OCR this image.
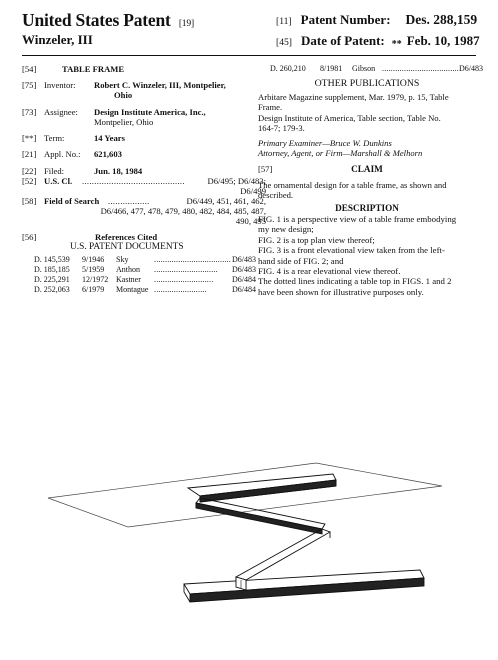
United States Patent [19]
Winzeler, III
[11] Patent Number: Des. 288,159
[45] Date of Patent: ** Feb. 10, 1987
[54]	TABLE FRAME
[75] Inventor: Robert C. Winzeler, III, Montpelier,
Ohio
[73] Assignee: Design Institute America, Inc.,
Montpelier, Ohio
[**] Term:	14 Years
[21] Appl. No.: 621,603
[22] Filed:	Jun. 18, 1984
[52] U.S. Cl. ..........................................	D6/495; D6/483;
D6/499
[58] Field of Search .................	D6/449, 451, 461, 462,
D6/466, 477, 478, 479, 480, 482, 484, 485, 487,
490, 495
[56]	References Cited
U.S. PATENT DOCUMENTS
D. 145,539	9/1946	Sky	...................................	D6/483
D. 185,185	5/1959	Anthon	.............................	D6/483
D. 225,291	12/1972	Kastner	...........................	D6/484
D. 252,063	6/1979	Montague	........................	D6/484
D. 260,210	8/1981	Gibson	...................................	D6/483
OTHER PUBLICATIONS
Arbitare Magazine supplement, Mar. 1979, p. 15, Table
Frame.
Design Institute of America, Table section, Table No.
164-7; 179-3.
Primary Examiner—Bruce W. Dunkins
Attorney, Agent, or Firm—Marshall & Melhorn
[57]	CLAIM
The ornamental design for a table frame, as shown and
described.
DESCRIPTION
FIG. 1 is a perspective view of a table frame embodying
my new design;
FIG. 2 is a top plan view thereof;
FIG. 3 is a front elevational view taken from the left-
hand side of FIG. 2; and
FIG. 4 is a rear elevational view thereof.
The dotted lines indicating a table top in FIGS. 1 and 2
have been shown for illustrative purposes only.
